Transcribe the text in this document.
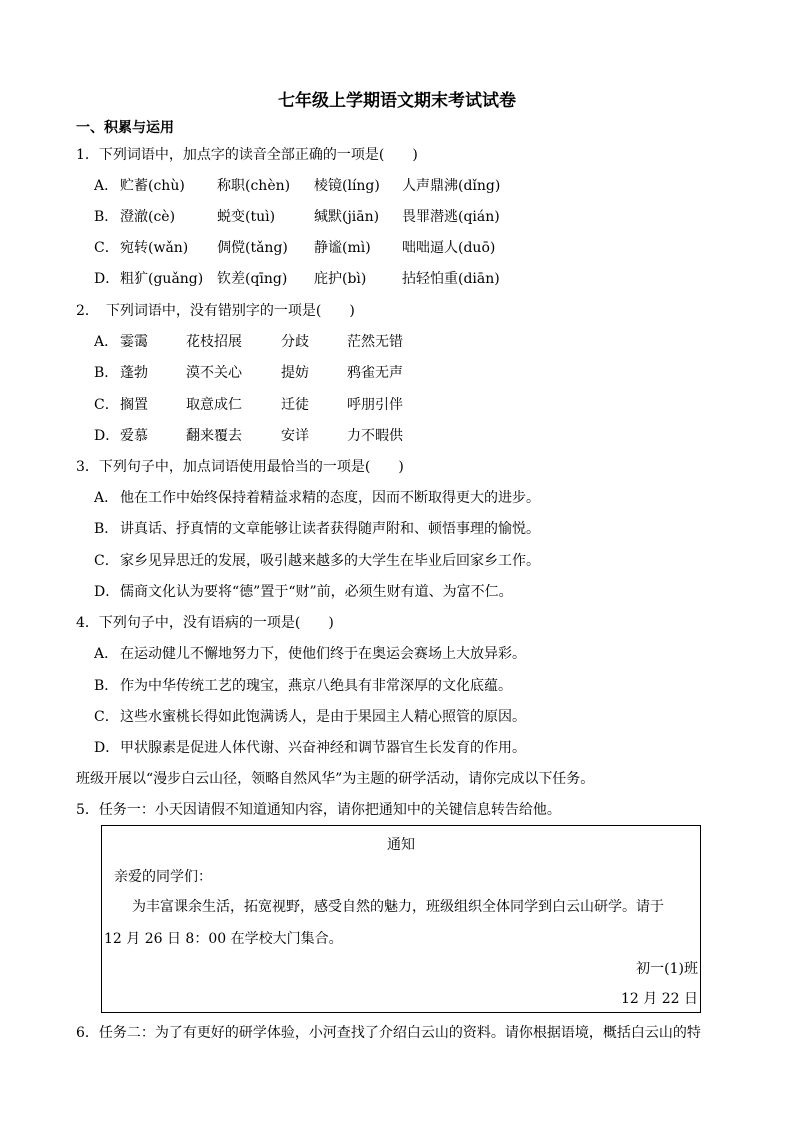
七年级上学期语文期末考试试卷
一、积累与运用
1．下列词语中，加点字的读音全部正确的一项是(　　)
A． 贮蓄(chù)	称职(chèn)	棱镜(líng)	人声鼎沸(dǐng)
B． 澄澈(cè)	蜕变(tuì)	缄默(jiān)	畏罪潜逃(qián)
C． 宛转(wǎn)	倜傥(tǎng)	静谧(mì)	咄咄逼人(duō)
D． 粗犷(guǎng) 钦差(qīng)	庇护(bì)	拈轻怕重(diān)
2．　下列词语中，没有错别字的一项是(　　)
A． 霎霭	花枝招展	分歧	茫然无错
B． 蓬勃	漠不关心	提妨	鸦雀无声
C． 搁置	取意成仁	迁徒	呼朋引伴
D． 爱慕	翻来覆去	安详	力不暇供
3．下列句子中，加点词语使用最恰当的一项是(　　)
A． 他在工作中始终保持着精益求精的态度，因而不断取得更大的进步。
B． 讲真话、抒真情的文章能够让读者获得随声附和、顿悟事理的愉悦。
C． 家乡见异思迁的发展，吸引越来越多的大学生在毕业后回家乡工作。
D． 儒商文化认为要将“德”置于“财”前，必须生财有道、为富不仁。
4．下列句子中，没有语病的一项是(　　)
A． 在运动健儿不懈地努力下，使他们终于在奥运会赛场上大放异彩。
B． 作为中华传统工艺的瑰宝，燕京八绝具有非常深厚的文化底蕴。
C． 这些水蜜桃长得如此饱满诱人，是由于果园主人精心照管的原因。
D． 甲状腺素是促进人体代谢、兴奋神经和调节器官生长发育的作用。
班级开展以“漫步白云山径，领略自然风华”为主题的研学活动，请你完成以下任务。
5．任务一：小天因请假不知道通知内容，请你把通知中的关键信息转告给他。
通知
亲爱的同学们：
为丰富课余生活，拓宽视野，感受自然的魅力，班级组织全体同学到白云山研学。请于
12 月 26 日 8：00 在学校大门集合。
初一(1)班
12 月 22 日
6．任务二：为了有更好的研学体验，小河查找了介绍白云山的资料。请你根据语境，概括白云山的特
